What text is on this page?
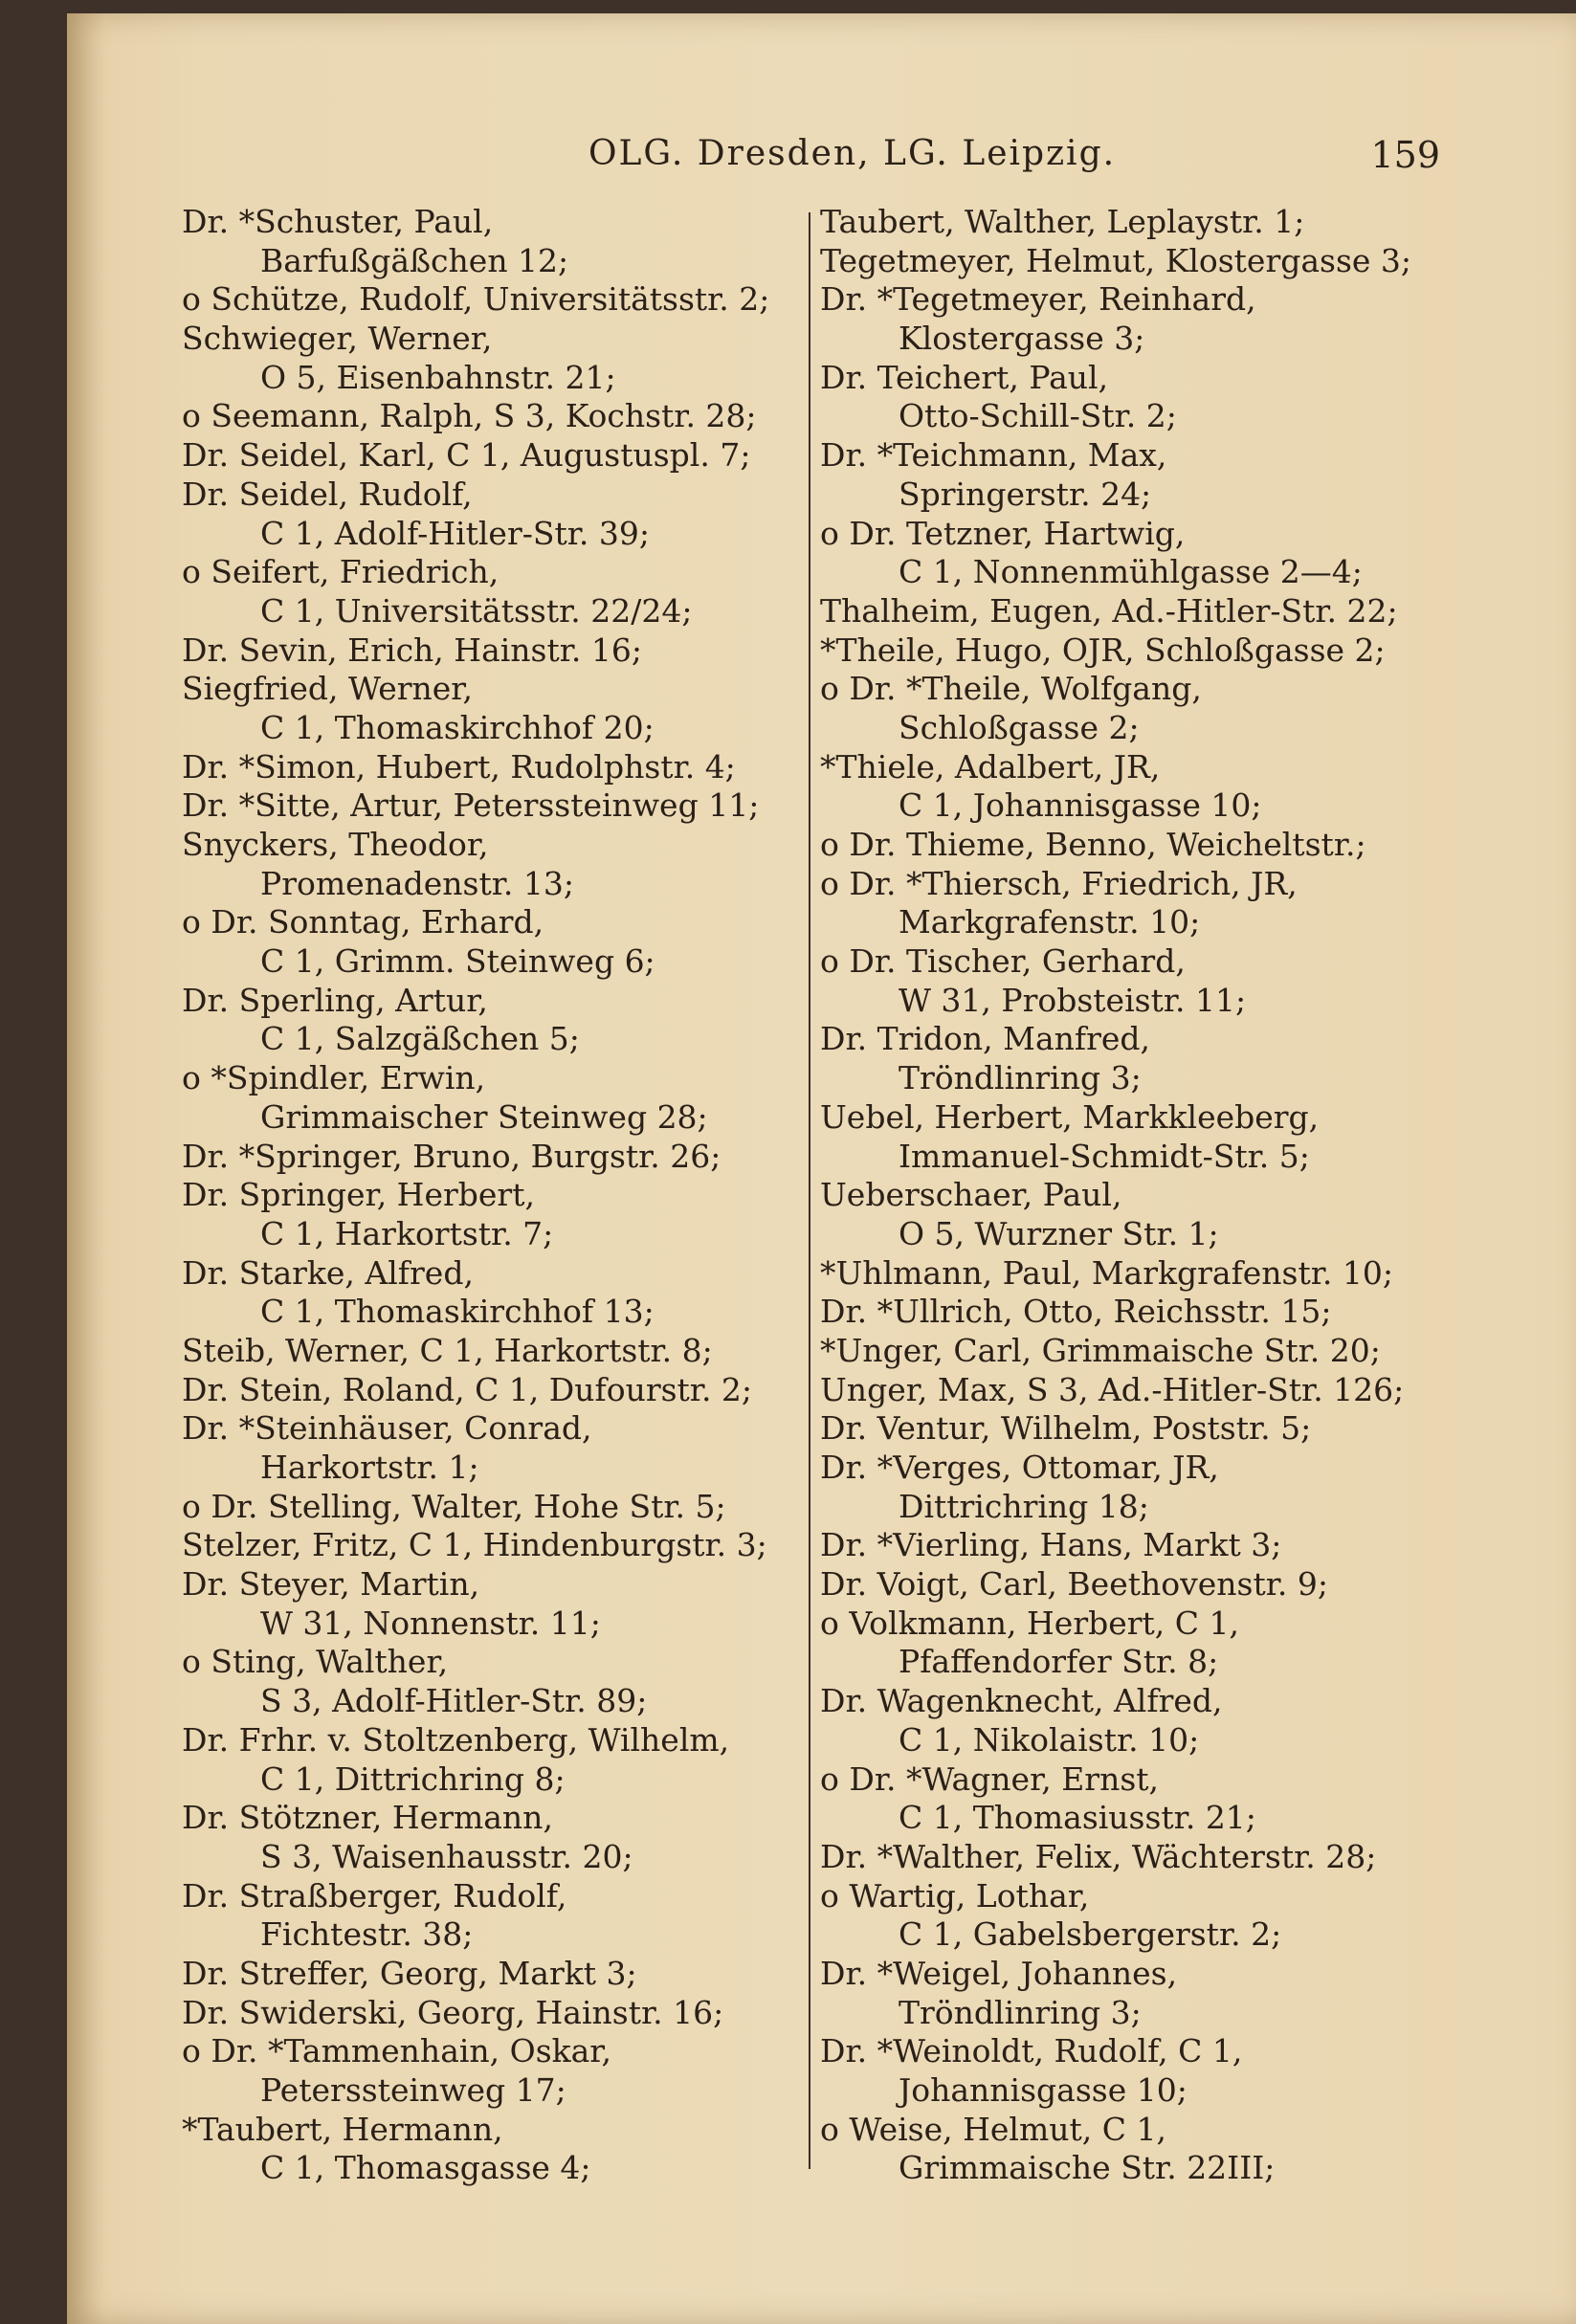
OLG. Dresden, LG. Leipzig.	159
Dr. *Schuster, Paul,
Barfußgäßchen 12;
o Schütze, Rudolf, Universitätsstr. 2;
Schwieger, Werner,
O 5, Eisenbahnstr. 21;
o Seemann, Ralph, S 3, Kochstr. 28;
Dr. Seidel, Karl, C 1, Augustuspl. 7;
Dr. Seidel, Rudolf,
C 1, Adolf-Hitler-Str. 39;
o Seifert, Friedrich,
C 1, Universitätsstr. 22/24;
Dr. Sevin, Erich, Hainstr. 16;
Siegfried, Werner,
C 1, Thomaskirchhof 20;
Dr. *Simon, Hubert, Rudolphstr. 4;
Dr. *Sitte, Artur, Peterssteinweg 11;
Snyckers, Theodor,
Promenadenstr. 13;
o Dr. Sonntag, Erhard,
C 1, Grimm. Steinweg 6;
Dr. Sperling, Artur,
C 1, Salzgäßchen 5;
o *Spindler, Erwin,
Grimmaischer Steinweg 28;
Dr. *Springer, Bruno, Burgstr. 26;
Dr. Springer, Herbert,
C 1, Harkortstr. 7;
Dr. Starke, Alfred,
C 1, Thomaskirchhof 13;
Steib, Werner, C 1, Harkortstr. 8;
Dr. Stein, Roland, C 1, Dufourstr. 2;
Dr. *Steinhäuser, Conrad,
Harkortstr. 1;
o Dr. Stelling, Walter, Hohe Str. 5;
Stelzer, Fritz, C 1, Hindenburgstr. 3;
Dr. Steyer, Martin,
W 31, Nonnenstr. 11;
o Sting, Walther,
S 3, Adolf-Hitler-Str. 89;
Dr. Frhr. v. Stoltzenberg, Wilhelm,
C 1, Dittrichring 8;
Dr. Stötzner, Hermann,
S 3, Waisenhausstr. 20;
Dr. Straßberger, Rudolf,
Fichtestr. 38;
Dr. Streffer, Georg, Markt 3;
Dr. Swiderski, Georg, Hainstr. 16;
o Dr. *Tammenhain, Oskar,
Peterssteinweg 17;
*Taubert, Hermann,
C 1, Thomasgasse 4;
Taubert, Walther, Leplaystr. 1;
Tegetmeyer, Helmut, Klostergasse 3;
Dr. *Tegetmeyer, Reinhard,
Klostergasse 3;
Dr. Teichert, Paul,
Otto-Schill-Str. 2;
Dr. *Teichmann, Max,
Springerstr. 24;
o Dr. Tetzner, Hartwig,
C 1, Nonnenmühlgasse 2—4;
Thalheim, Eugen, Ad.-Hitler-Str. 22;
*Theile, Hugo, OJR, Schloßgasse 2;
o Dr. *Theile, Wolfgang,
Schloßgasse 2;
*Thiele, Adalbert, JR,
C 1, Johannisgasse 10;
o Dr. Thieme, Benno, Weicheltstr.;
o Dr. *Thiersch, Friedrich, JR,
Markgrafenstr. 10;
o Dr. Tischer, Gerhard,
W 31, Probsteistr. 11;
Dr. Tridon, Manfred,
Tröndlinring 3;
Uebel, Herbert, Markkleeberg,
Immanuel-Schmidt-Str. 5;
Ueberschaer, Paul,
O 5, Wurzner Str. 1;
*Uhlmann, Paul, Markgrafenstr. 10;
Dr. *Ullrich, Otto, Reichsstr. 15;
*Unger, Carl, Grimmaische Str. 20;
Unger, Max, S 3, Ad.-Hitler-Str. 126;
Dr. Ventur, Wilhelm, Poststr. 5;
Dr. *Verges, Ottomar, JR,
Dittrichring 18;
Dr. *Vierling, Hans, Markt 3;
Dr. Voigt, Carl, Beethovenstr. 9;
o Volkmann, Herbert, C 1,
Pfaffendorfer Str. 8;
Dr. Wagenknecht, Alfred,
C 1, Nikolaistr. 10;
o Dr. *Wagner, Ernst,
C 1, Thomasiusstr. 21;
Dr. *Walther, Felix, Wächterstr. 28;
o Wartig, Lothar,
C 1, Gabelsbergerstr. 2;
Dr. *Weigel, Johannes,
Tröndlinring 3;
Dr. *Weinoldt, Rudolf, C 1,
Johannisgasse 10;
o Weise, Helmut, C 1,
Grimmaische Str. 22III;
